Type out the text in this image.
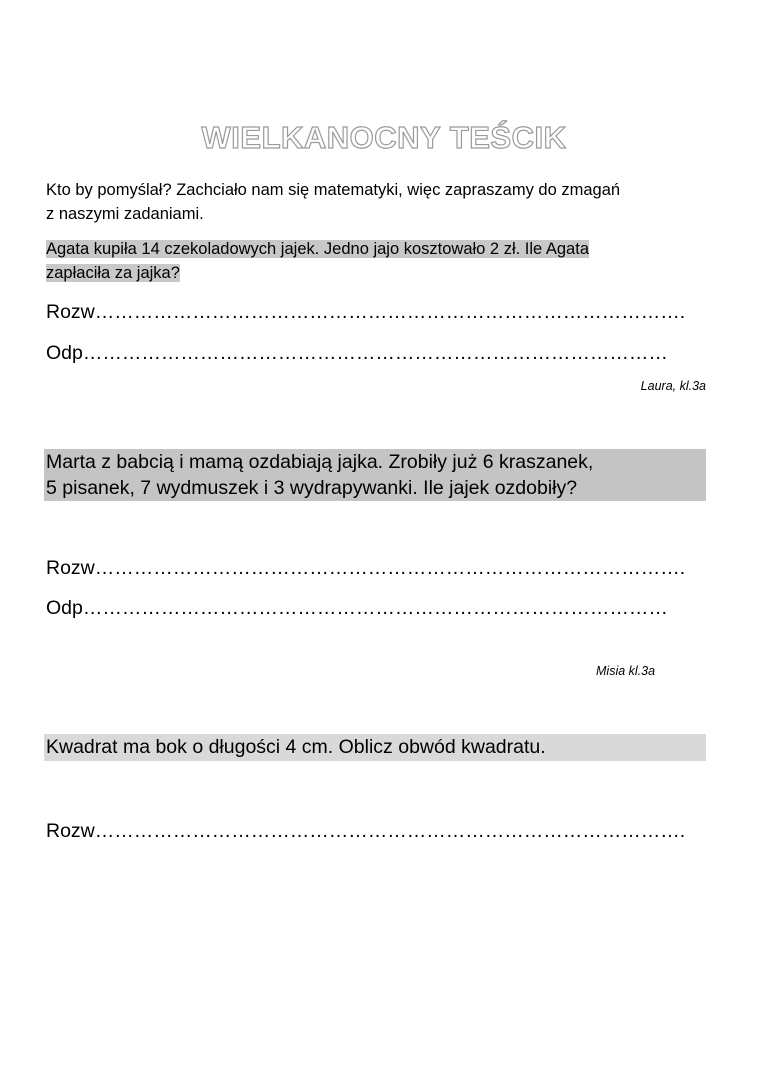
WIELKANOCNY TEŚCIK
Kto by pomyślał? Zachciało nam się matematyki, więc zapraszamy do zmagań
z naszymi zadaniami.
Agata kupiła 14 czekoladowych jajek. Jedno jajo kosztowało 2 zł. Ile Agata
zapłaciła za jajka?
Rozw……………………………………………………………………………….
Odp………………………………………………………………………………
Laura, kl.3a
Marta z babcią i mamą ozdabiają jajka. Zrobiły już 6 kraszanek,
5 pisanek, 7 wydmuszek i 3 wydrapywanki. Ile jajek ozdobiły?
Rozw……………………………………………………………………………….
Odp………………………………………………………………………………
Misia kl.3a
Kwadrat ma bok o długości 4 cm. Oblicz obwód kwadratu.
Rozw……………………………………………………………………………….
